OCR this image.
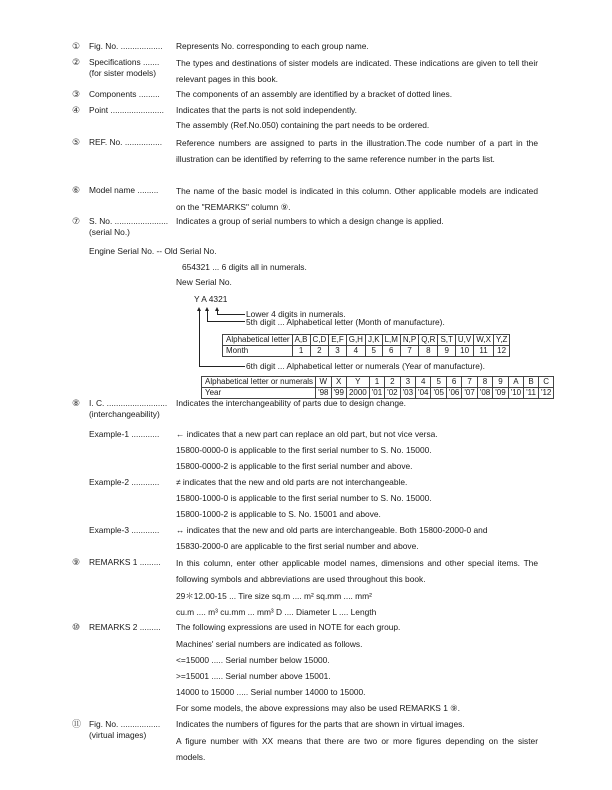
① Fig. No. .................. Represents No. corresponding to each group name.
② Specifications .......
(for sister models)
The types and destinations of sister models are indicated. These indications are given to tell their relevant pages in this book.
③ Components ......... The components of an assembly are identified by a bracket of dotted lines.
④ Point ....................... Indicates that the parts is not sold independently.
The assembly (Ref.No.050) containing the part needs to be ordered.
⑤ REF. No. ................ Reference numbers are assigned to parts in the illustration.The code number of a part in the illustration can be identified by referring to the same reference number in the parts list.
⑥ Model name ......... The name of the basic model is indicated in this column. Other applicable models are indicated on the "REMARKS" column ⑨.
⑦ S. No. .......................
(serial No.)
Indicates a group of serial numbers to which a design change is applied.
Engine Serial No. -- Old Serial No.
654321 ... 6 digits all in numerals.
New Serial No.
Y A 4321
Lower 4 digits in numerals.
5th digit ... Alphabetical letter (Month of manufacture).
6th digit ... Alphabetical letter or numerals (Year of manufacture).
Alphabetical letter	A,B	C,D	E,F	G,H	J,K	L,M	N,P	Q,R	S,T	U,V	W,X	Y,Z
Month	1	2	3	4	5	6	7	8	9	10	11	12
Alphabetical letter or numerals	W	X	Y	1	2	3	4	5	6	7	8	9	A	B	C
Year	'98	'99	2000	'01	'02	'03	'04	'05	'06	'07	'08	'09	'10	'11	'12
⑧ I. C. ..........................
(interchangeability)
Indicates the interchangeability of parts due to design change.
Example-1 ............ ← indicates that a new part can replace an old part, but not vice versa.
15800-0000-0 is applicable to the first serial number to S. No. 15000.
15800-0000-2 is applicable to the first serial number and above.
Example-2 ............ ≠ indicates that the new and old parts are not interchangeable.
15800-1000-0 is applicable to the first serial number to S. No. 15000.
15800-1000-2 is applicable to S. No. 15001 and above.
Example-3 ............ ↔ indicates that the new and old parts are interchangeable. Both 15800-2000-0 and
15830-2000-0 are applicable to the first serial number and above.
⑨ REMARKS 1 ......... In this column, enter other applicable model names, dimensions and other special items. The following symbols and abbreviations are used throughout this book.
29＊12.00-15 ... Tire size sq.m .... m² sq.mm .... mm²
cu.m .... m³ cu.mm ... mm³ D .... Diameter L .... Length
⑩ REMARKS 2 ......... The following expressions are used in NOTE for each group.
Machines' serial numbers are indicated as follows.
<=15000 ..... Serial number below 15000.
>=15001 ..... Serial number above 15001.
14000 to 15000 ..... Serial number 14000 to 15000.
For some models, the above expressions may also be used REMARKS 1 ⑨.
⑪ Fig. No. .................
(virtual images)
Indicates the numbers of figures for the parts that are shown in virtual images.
A figure number with XX means that there are two or more figures depending on the sister models.
